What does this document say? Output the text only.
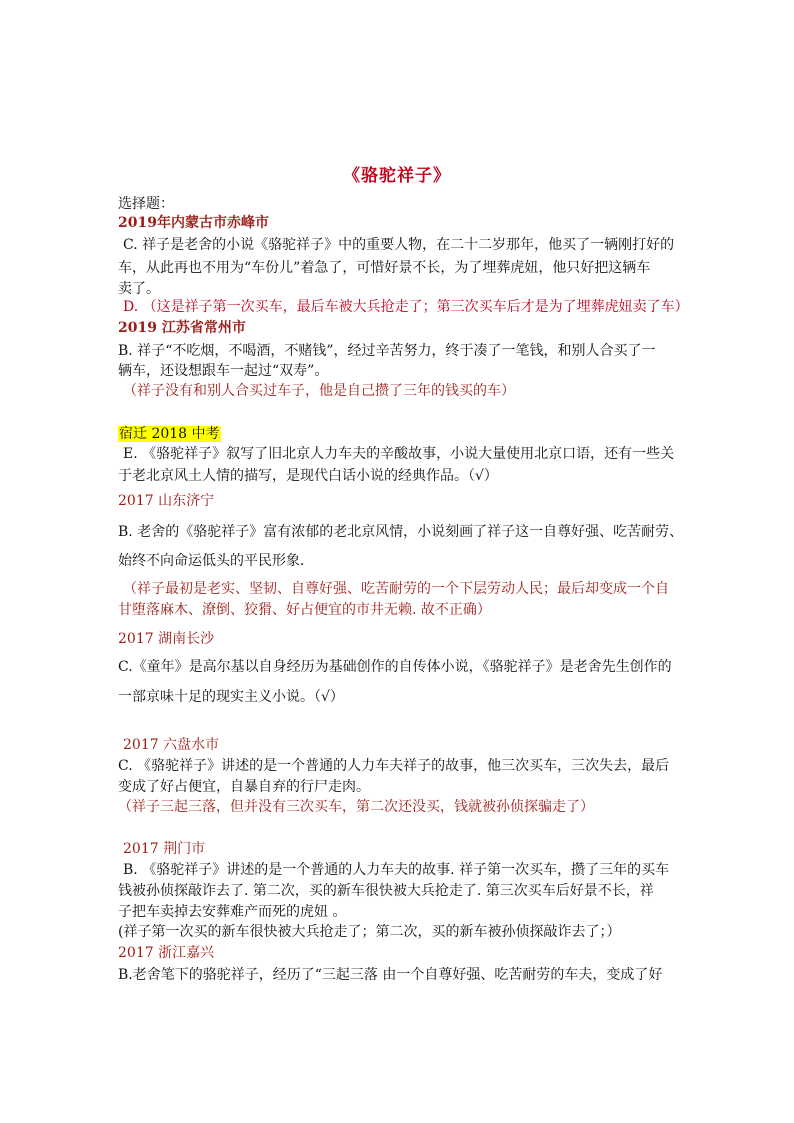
《骆驼祥子》
选择题：
2019年内蒙古市赤峰市
C. 祥子是老舍的小说《骆驼祥子》中的重要人物，在二十二岁那年，他买了一辆刚打好的
车，从此再也不用为“车份儿”着急了，可惜好景不长，为了埋葬虎妞，他只好把这辆车
卖了。
D. （这是祥子第一次买车，最后车被大兵抢走了；第三次买车后才是为了埋葬虎妞卖了车）
2019 江苏省常州市
B. 祥子“不吃烟，不喝酒，不赌钱”，经过辛苦努力，终于凑了一笔钱，和别人合买了一
辆车，还设想跟车一起过“双寿”。
（祥子没有和别人合买过车子，他是自己攒了三年的钱买的车）
宿迁 2018 中考
E. 《骆驼祥子》叙写了旧北京人力车夫的辛酸故事，小说大量使用北京口语，还有一些关
于老北京风土人情的描写，是现代白话小说的经典作品。（√）
2017 山东济宁
B. 老舍的《骆驼祥子》富有浓郁的老北京风情，小说刻画了祥子这一自尊好强、吃苦耐劳、
始终不向命运低头的平民形象.
（祥子最初是老实、坚韧、自尊好强、吃苦耐劳的一个下层劳动人民；最后却变成一个自
甘堕落麻木、潦倒、狡猾、好占便宜的市井无赖. 故不正确）
2017 湖南长沙
C.《童年》是高尔基以自身经历为基础创作的自传体小说，《骆驼祥子》是老舍先生创作的
一部京味十足的现实主义小说。（√）
2017 六盘水市
C. 《骆驼祥子》讲述的是一个普通的人力车夫祥子的故事，他三次买车，三次失去，最后
变成了好占便宜，自暴自弃的行尸走肉。
（祥子三起三落，但并没有三次买车，第二次还没买，钱就被孙侦探骗走了）
2017 荆门市
B. 《骆驼祥子》讲述的是一个普通的人力车夫的故事. 祥子第一次买车，攒了三年的买车
钱被孙侦探敲诈去了. 第二次，买的新车很快被大兵抢走了. 第三次买车后好景不长，祥
子把车卖掉去安葬难产而死的虎妞 。
(祥子第一次买的新车很快被大兵抢走了；第二次，买的新车被孙侦探敲诈去了；）
2017 浙江嘉兴
B.老舍笔下的骆驼祥子，经历了“三起三落 由一个自尊好强、吃苦耐劳的车夫，变成了好
